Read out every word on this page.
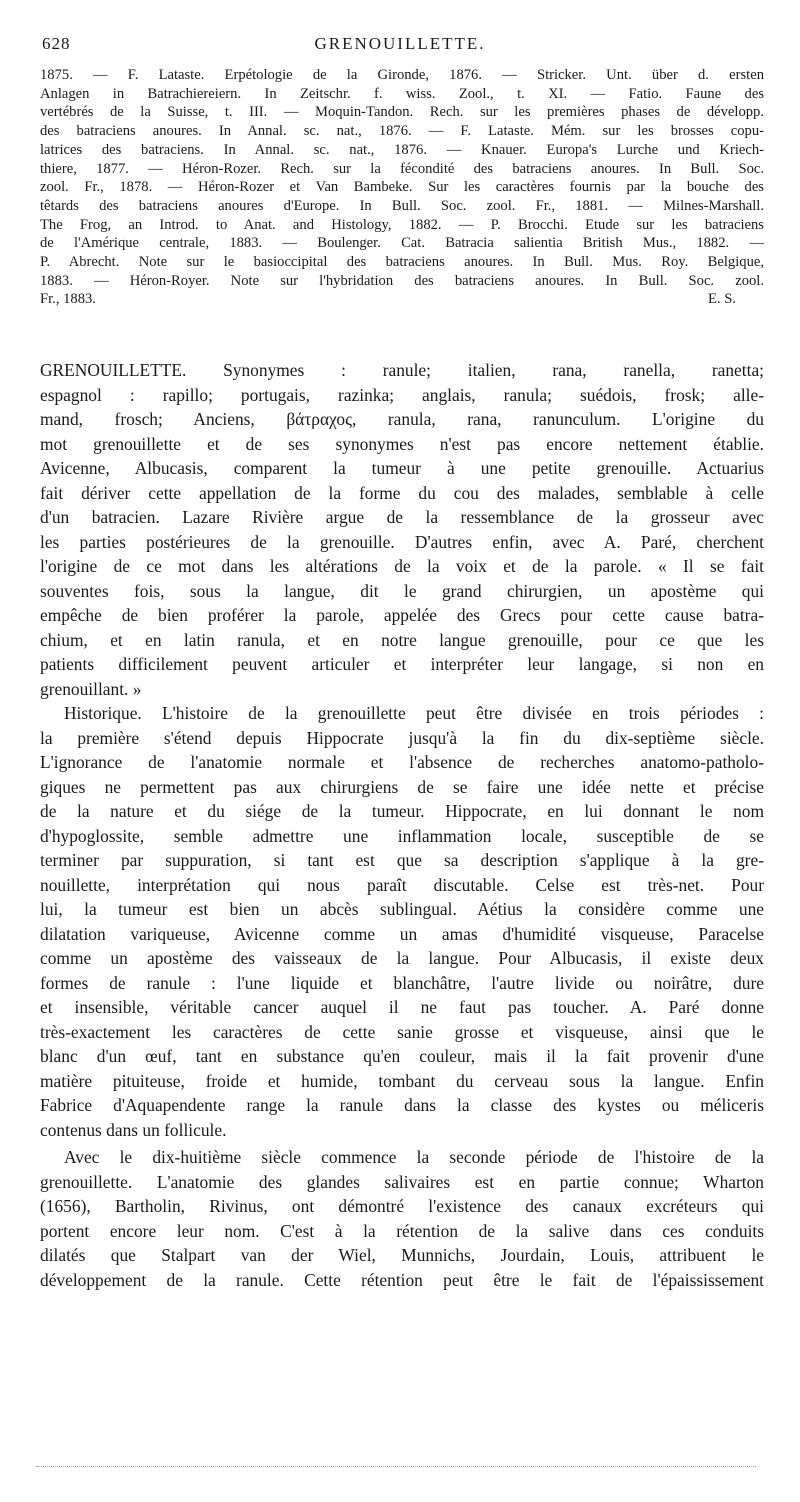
628	GRENOUILLETTE.
1875. — F. Lataste. Erpétologie de la Gironde, 1876. — Stricker. Unt. über d. ersten
Anlagen in Batrachiereiern. In Zeitschr. f. wiss. Zool., t. XI. — Fatio. Faune des
vertébrés de la Suisse, t. III. — Moquin-Tandon. Rech. sur les premières phases de développ.
des batraciens anoures. In Annal. sc. nat., 1876. — F. Lataste. Mém. sur les brosses copu-
latrices des batraciens. In Annal. sc. nat., 1876. — Knauer. Europa's Lurche und Kriech-
thiere, 1877. — Héron-Rozer. Rech. sur la fécondité des batraciens anoures. In Bull. Soc.
zool. Fr., 1878. — Héron-Rozer et Van Bambeke. Sur les caractères fournis par la bouche des
têtards des batraciens anoures d'Europe. In Bull. Soc. zool. Fr., 1881. — Milnes-Marshall.
The Frog, an Introd. to Anat. and Histology, 1882. — P. Brocchi. Etude sur les batraciens
de l'Amérique centrale, 1883. — Boulenger. Cat. Batracia salientia British Mus., 1882. —
P. Abrecht. Note sur le basioccipital des batraciens anoures. In Bull. Mus. Roy. Belgique,
1883. — Héron-Royer. Note sur l'hybridation des batraciens anoures. In Bull. Soc. zool.
Fr., 1883.	E. S.
GRENOUILLETTE. Synonymes : ranule; italien, rana, ranella, ranetta;
espagnol : rapillo; portugais, razinka; anglais, ranula; suédois, frosk; alle-
mand, frosch; Anciens, βάτραχος, ranula, rana, ranunculum. L'origine du
mot grenouillette et de ses synonymes n'est pas encore nettement établie.
Avicenne, Albucasis, comparent la tumeur à une petite grenouille. Actuarius
fait dériver cette appellation de la forme du cou des malades, semblable à celle
d'un batracien. Lazare Rivière argue de la ressemblance de la grosseur avec
les parties postérieures de la grenouille. D'autres enfin, avec A. Paré, cherchent
l'origine de ce mot dans les altérations de la voix et de la parole. « Il se fait
souventes fois, sous la langue, dit le grand chirurgien, un apostème qui
empêche de bien proférer la parole, appelée des Grecs pour cette cause batra-
chium, et en latin ranula, et en notre langue grenouille, pour ce que les
patients difficilement peuvent articuler et interpréter leur langage, si non en
grenouillant. »
Historique. L'histoire de la grenouillette peut être divisée en trois périodes :
la première s'étend depuis Hippocrate jusqu'à la fin du dix-septième siècle.
L'ignorance de l'anatomie normale et l'absence de recherches anatomo-patholo-
giques ne permettent pas aux chirurgiens de se faire une idée nette et précise
de la nature et du siége de la tumeur. Hippocrate, en lui donnant le nom
d'hypoglossite, semble admettre une inflammation locale, susceptible de se
terminer par suppuration, si tant est que sa description s'applique à la gre-
nouillette, interprétation qui nous paraît discutable. Celse est très-net. Pour
lui, la tumeur est bien un abcès sublingual. Aétius la considère comme une
dilatation variqueuse, Avicenne comme un amas d'humidité visqueuse, Paracelse
comme un apostème des vaisseaux de la langue. Pour Albucasis, il existe deux
formes de ranule : l'une liquide et blanchâtre, l'autre livide ou noirâtre, dure
et insensible, véritable cancer auquel il ne faut pas toucher. A. Paré donne
très-exactement les caractères de cette sanie grosse et visqueuse, ainsi que le
blanc d'un œuf, tant en substance qu'en couleur, mais il la fait provenir d'une
matière pituiteuse, froide et humide, tombant du cerveau sous la langue. Enfin
Fabrice d'Aquapendente range la ranule dans la classe des kystes ou méliceris
contenus dans un follicule.
Avec le dix-huitième siècle commence la seconde période de l'histoire de la
grenouillette. L'anatomie des glandes salivaires est en partie connue; Wharton
(1656), Bartholin, Rivinus, ont démontré l'existence des canaux excréteurs qui
portent encore leur nom. C'est à la rétention de la salive dans ces conduits
dilatés que Stalpart van der Wiel, Munnichs, Jourdain, Louis, attribuent le
développement de la ranule. Cette rétention peut être le fait de l'épaississement
